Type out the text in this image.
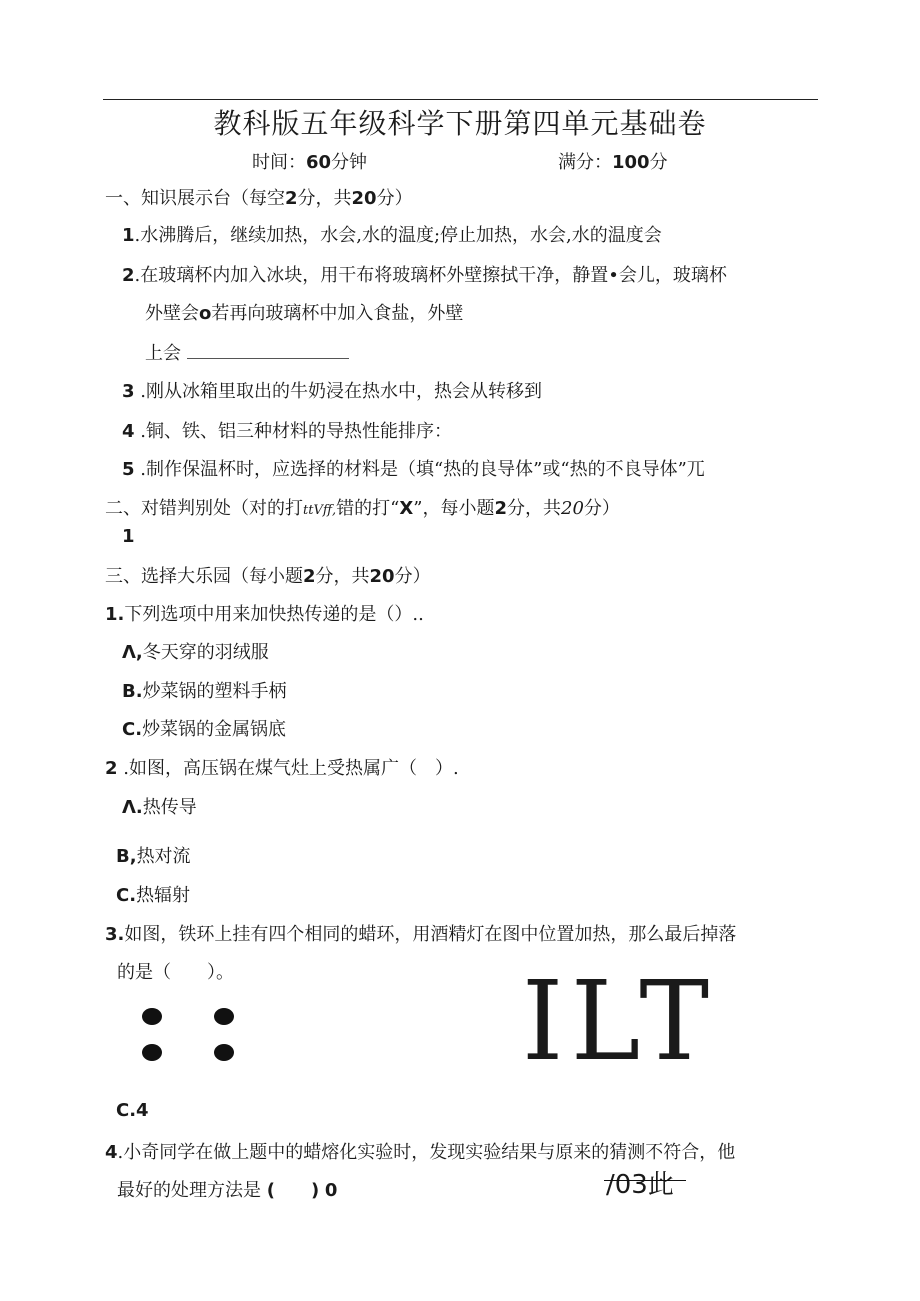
教科版五年级科学下册第四单元基础卷
时间：60分钟	满分：100分
一、知识展示台（每空2分，共20分）
1.水沸腾后，继续加热，水会,水的温度;停止加热，水会,水的温度会
2.在玻璃杯内加入冰块，用干布将玻璃杯外壁擦拭干净，静置•会儿，玻璃杯
外壁会o若再向玻璃杯中加入食盐，外壁
上会
3 .刚从冰箱里取出的牛奶浸在热水中，热会从转移到
4 .铜、铁、铝三种材料的导热性能排序：
5 .制作保温杯时，应选择的材料是（填“热的良导体”或“热的不良导体”兀
二、对错判别处（对的打ttVff,错的打“X”，每小题2分，共20分）
1
三、选择大乐园（每小题2分，共20分）
1.下列选项中用来加快热传递的是（）..
Λ,冬天穿的羽绒服
B.炒菜锅的塑料手柄
C.炒菜锅的金属锅底
2 .如图，高压锅在煤气灶上受热属广（　）.
Λ.热传导
B,热对流
C.热辐射
3.如图，铁环上挂有四个相同的蜡环，用酒精灯在图中位置加热，那么最后掉落
的是（　　）。	ILT
C.4
4.小奇同学在做上题中的蜡熔化实验时，发现实验结果与原来的猜测不符合，他
最好的处理方法是 (　　) 0	/03此
